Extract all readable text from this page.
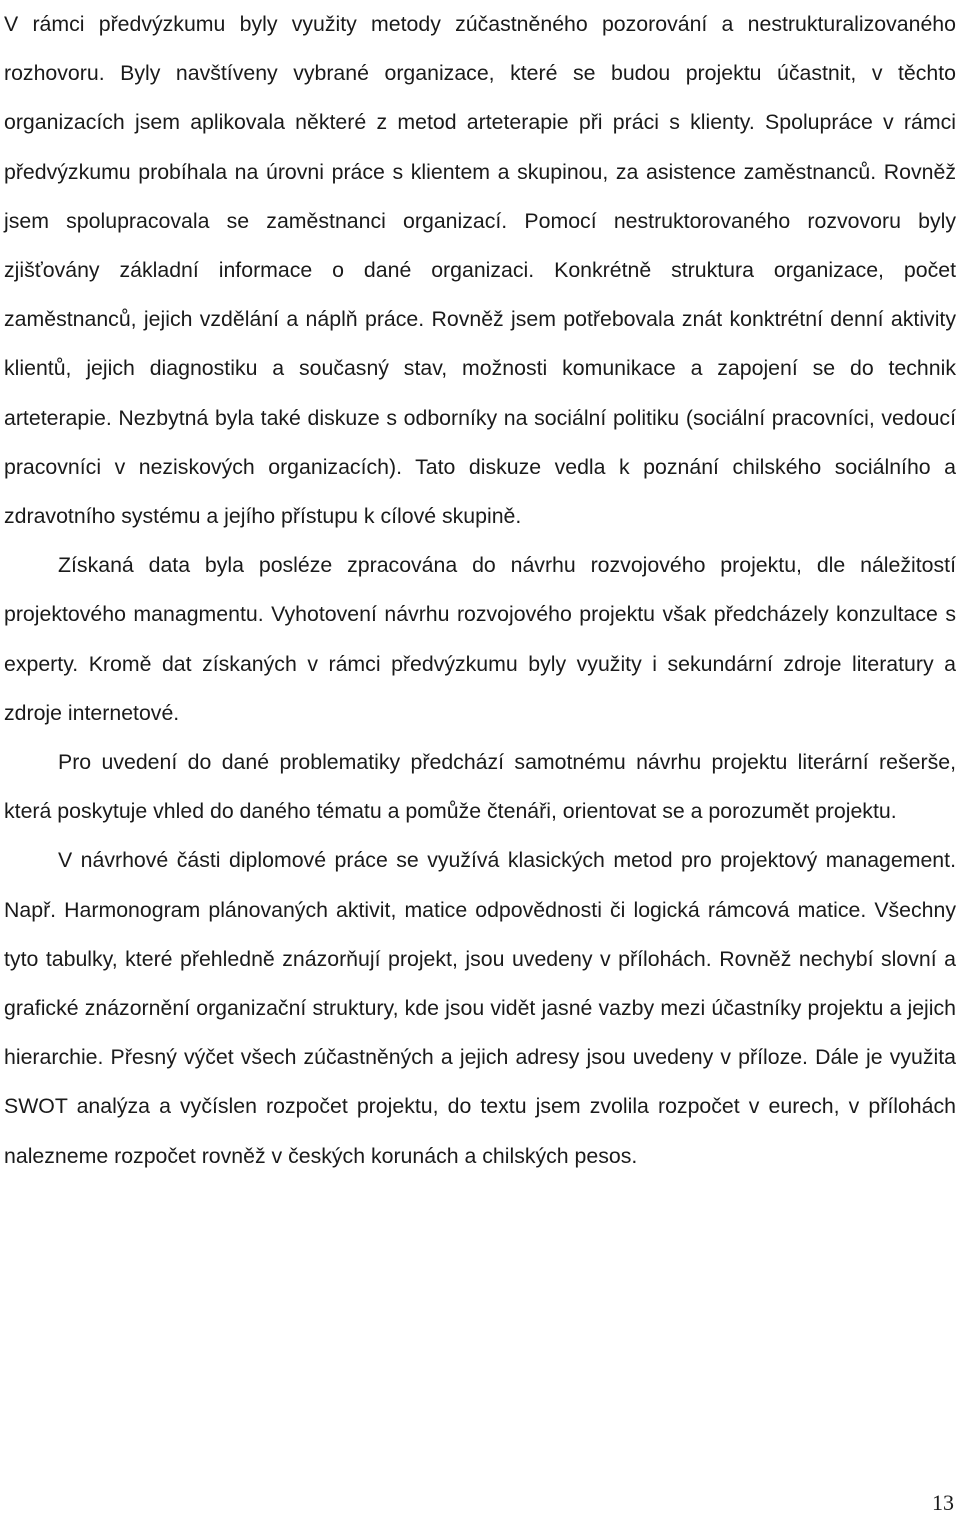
V rámci předvýzkumu byly využity metody zúčastněného pozorování a nestrukturalizovaného rozhovoru. Byly navštíveny vybrané organizace, které se budou projektu účastnit, v těchto organizacích jsem aplikovala některé z metod arteterapie při práci s klienty. Spolupráce v rámci předvýzkumu probíhala na úrovni práce s klientem a skupinou, za asistence zaměstnanců. Rovněž jsem spolupracovala se zaměstnanci organizací. Pomocí nestruktorovaného rozvovoru byly zjišťovány základní informace o dané organizaci. Konkrétně struktura organizace, počet zaměstnanců, jejich vzdělání a náplň práce. Rovněž jsem potřebovala znát konktrétní denní aktivity klientů, jejich diagnostiku a současný stav, možnosti komunikace a zapojení se do technik arteterapie. Nezbytná byla také diskuze s odborníky na sociální politiku (sociální pracovníci, vedoucí pracovníci v neziskových organizacích). Tato diskuze vedla k poznání chilského sociálního a zdravotního systému a jejího přístupu k cílové skupině.

Získaná data byla posléze zpracována do návrhu rozvojového projektu, dle náležitostí projektového managmentu. Vyhotovení návrhu rozvojového projektu však předcházely konzultace s experty. Kromě dat získaných v rámci předvýzkumu byly využity i sekundární zdroje literatury a zdroje internetové.

Pro uvedení do dané problematiky předchází samotnému návrhu projektu literární rešerše, která poskytuje vhled do daného tématu a pomůže čtenáři, orientovat se a porozumět projektu.

V návrhové části diplomové práce se využívá klasických metod pro projektový management. Např. Harmonogram plánovaných aktivit, matice odpovědnosti či logická rámcová matice. Všechny tyto tabulky, které přehledně znázorňují projekt, jsou uvedeny v přílohách. Rovněž nechybí slovní a grafické znázornění organizační struktury, kde jsou vidět jasné vazby mezi účastníky projektu a jejich hierarchie. Přesný výčet všech zúčastněných a jejich adresy jsou uvedeny v příloze. Dále je využita SWOT analýza a vyčíslen rozpočet projektu, do textu jsem zvolila rozpočet v eurech, v přílohách nalezneme rozpočet rovněž v českých korunách a chilských pesos.

13
